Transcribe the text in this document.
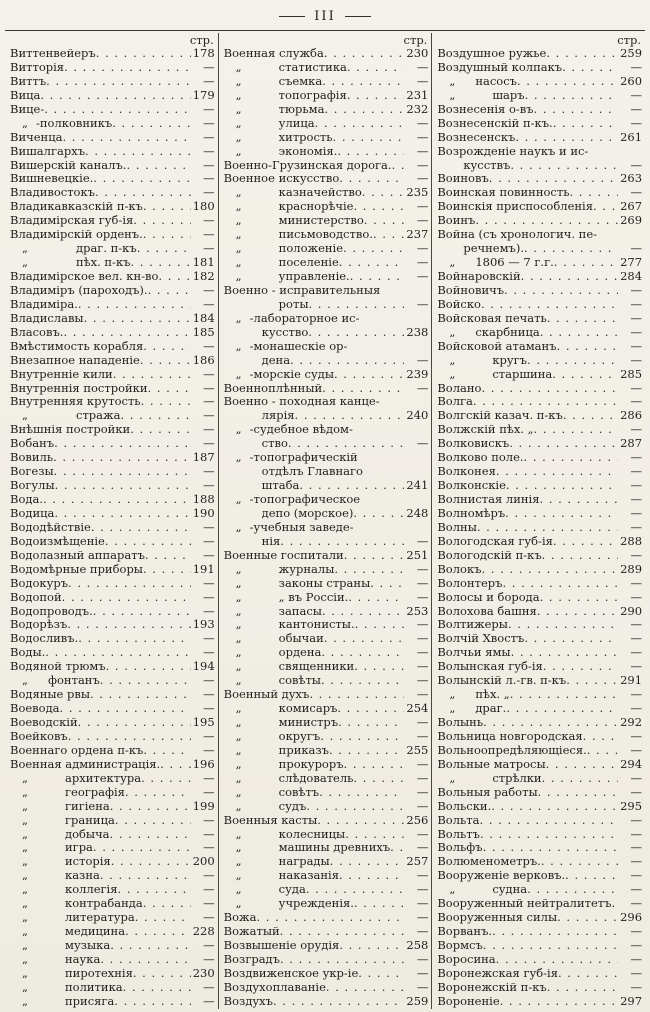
III
стр.
Виттенвейеръ . . .	178
Витторія . . .	—
Виттъ . . .	—
Вица . . .	179
Вице- . . .	—
„ -полковникъ . . .	—
Виченца . . .	—
Вишалгархъ . . .	—
Вишерскій каналъ. . . .	—
Вишневецкіе. . . .	—
Владивостокъ . . .	—
Владикавказскій п-къ . . .	180
Владимірская губ-ія . . .	—
Владимірскій орденъ. . . .	—
„	драг. п-къ . . .	—
„	пѣх. п-къ . . .	181
Владимірское вел. кн-во . . .	182
Владиміръ (пароходъ). . . .	—
Владиміра. . . .	—
Владиславы . . .	184
Власовъ. . . .	185
Вмѣстимость корабля . . .	—
Внезапное нападеніе . . .	186
Внутренніе кили . . .	—
Внутреннія постройки . . .	—
Внутренняя крутость . . .	—
„	стража . . .	—
Внѣшнія постройки . . .	—
Вобанъ . . .	—
Вовиль . . .	187
Вогезы . . .	—
Вогулы . . .	—
Вода. . . .	188
Водица . . .	190
Вододѣйствіе . . .	—
Водоизмѣщеніе . . .	—
Водолазный аппаратъ . . .	—
Водомѣрные приборы . . .	191
Водокуръ . . .	—
Водопой . . .	—
Водопроводъ. . . .	—
Водорѣзъ . . .	193
Водосливъ. . . .	—
Воды. . . .	—
Водяной трюмъ . . .	194
„ фонтанъ . . .	—
Водяные рвы . . .	—
Воевода . . .	—
Воеводскій . . .	195
Воейковъ . . .	—
Военнаго ордена п-къ . . .	—
Военная администрація. . . .	196
„	архитектура . . .	—
„	географія . . .	—
„	гигіена . . .	199
„	граница . . .	—
„	добыча . . .	—
„	игра . . .	—
„	исторія . . .	200
„	казна . . .	—
„	коллегія . . .	—
„	контрабанда . . .	—
„	литература . . .	—
„	медицина . . .	228
„	музыка . . .	—
„	наука . . .	—
„	пиротехнія . . .	230
„	политика . . .	—
„	присяга . . .	—
стр.
Военная служба . . .	230
„	статистика . . .	—
„	съемка . . .	—
„	топографія . . .	231
„	тюрьма . . .	232
„	улица . . .	—
„	хитрость . . .	—
„	экономія. . . .	—
Военно-Грузинская дорога. . . .	—
Военное искусство . . .	—
„	казначейство . . .	235
„	краснорѣчіе . . .	—
„	министерство . . .	—
„	письмоводство. . . .	237
„	положеніе . . .	—
„	поселеніе . . .	—
„	управленіе. . . .	—
Военно - исправительныя
роты . . .	—
„ -лабораторное ис-
кусство . . .	238
„ -монашескіе ор-
дена . . .	—
„ -морскіе суды . . .	239
Военноплѣнный . . .	—
Военно - походная канце-
лярія . . .	240
„ -судебное вѣдом-
ство . . .	—
„ -топографическій
отдѣлъ Главнаго
штаба . . .	241
„ -топографическое
депо (морское) . . .	248
„ -учебныя заведе-
нія . . .	—
Военные госпитали . . .	251
„	журналы . . .	—
„	законы страны . . .	—
„	„ въ Россіи. . . .	—
„	запасы . . .	253
„	кантонисты. . . .	—
„	обычаи . . .	—
„	ордена . . .	—
„	священники . . .	—
„	совѣты . . .	—
Военный духъ . . .	—
„	комисаръ . . .	254
„	министръ . . .	—
„	округъ . . .	—
„	приказъ . . .	255
„	прокуроръ . . .	—
„	слѣдователь . . .	—
„	совѣтъ . . .	—
„	судъ . . .	—
Военныя касты . . .	256
„	колесницы . . .	—
„	машины древнихъ . . .	—
„	награды . . .	257
„	наказанія . . .	—
„	суда . . .	—
„	учрежденія. . . .	—
Вожа . . .	—
Вожатый . . .	—
Возвышеніе орудія . . .	258
Возградъ . . .	—
Воздвиженское укр-іе . . .	—
Воздухоплаваніе . . .	—
Воздухъ . . .	259
стр.
Воздушное ружье . . .	259
Воздушный колпакъ . . .	—
„ насосъ . . .	260
„	шаръ . . .	—
Вознесенія о-въ . . .	—
Вознесенскій п-къ. . . .	—
Вознесенскъ . . .	261
Возрожденіе наукъ и ис-
кусствъ . . .	—
Воиновъ . . .	263
Воинская повинность . . .	—
Воинскія приспособленія . . . 267
Воинъ . . .	269
Война (съ хронологич. пе-
речнемъ). . . .	—
„ 1806 — 7 г.г. . . .	277
Войнаровскій . . .	284
Войновичъ . . .	—
Войско . . .	—
Войсковая печать . . .	—
„ скарбница . . .	—
Войсковой атаманъ . . .	—
„	кругъ . . .	—
„	старшина . . .	285
Волано . . .	—
Волга . . .	—
Волгскій казач. п-къ . . .	286
Волжскій пѣх. „ . . .	—
Волковискъ . . .	287
Волково поле. . . .	—
Волконея . . .	—
Волконскіе . . .	—
Волнистая линія . . .	—
Волномѣръ . . .	—
Волны . . .	—
Вологодская губ-ія . . .	288
Вологодскій п-къ . . .	—
Волокъ . . .	289
Волонтеръ . . .	—
Волосы и борода . . .	—
Волохова башня . . .	290
Волтижеры . . .	—
Волчій Хвостъ . . .	—
Волчьи ямы . . .	—
Волынская губ-ія . . .	—
Волынскій л.-гв. п-къ . . .	291
„ пѣх. „ . . .	—
„ драг. . . .	—
Волынь . . .	292
Вольница новгородская . . .	—
Вольноопредѣляющіеся. . . .	—
Вольные матросы . . .	294
„	стрѣлки . . .	—
Вольныя работы . . .	—
Вольски. . . .	295
Вольта . . .	—
Вольтъ . . .	—
Вольфъ . . .	—
Волюменометръ. . . .	—
Вооруженіе верковъ. . . .	—
„	судна . . .	—
Вооруженный нейтралитетъ . . .	—
Вооруженныя силы . . .	296
Ворванъ. . . .	—
Вормсъ . . .	—
Воросина . . .	—
Воронежская губ-ія . . .	—
Воронежскій п-къ . . .	—
Вороненіе . . .	297
